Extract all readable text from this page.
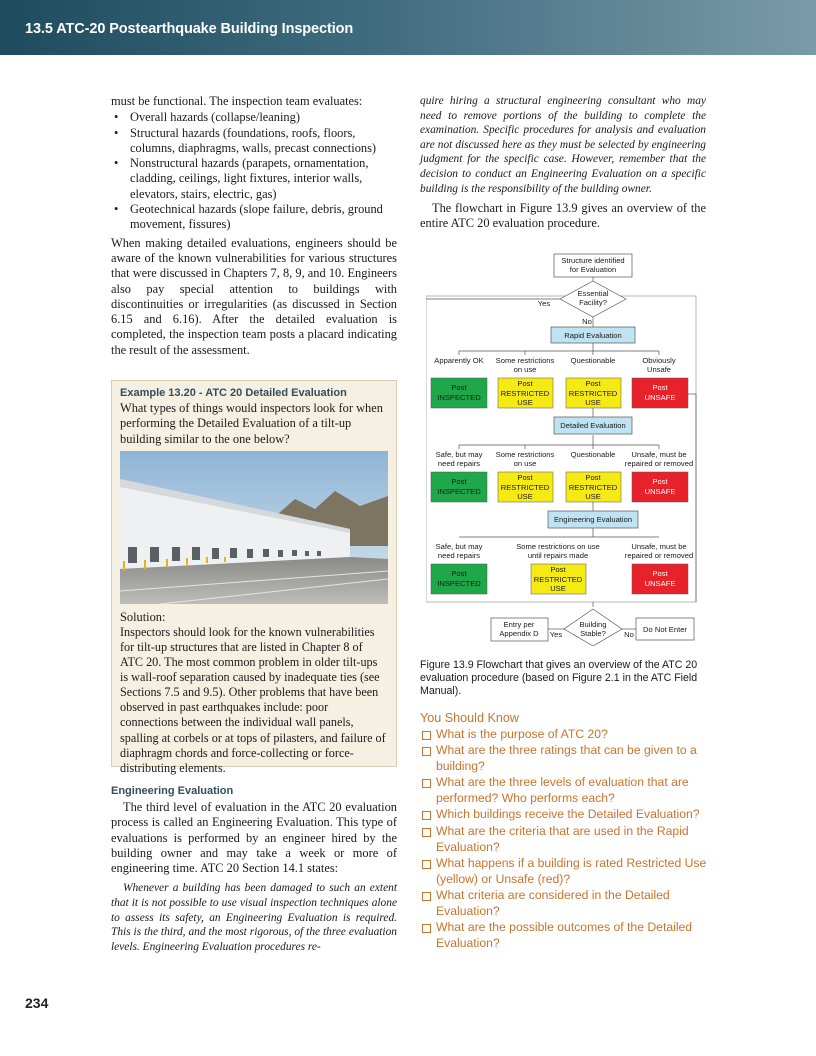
13.5 ATC-20 Postearthquake Building Inspection

must be functional. The inspection team evaluates:

• Overall hazards (collapse/leaning)
• Structural hazards (foundations, roofs, floors, columns, diaphragms, walls, precast connections)
• Nonstructural hazards (parapets, ornamentation, cladding, ceilings, light fixtures, interior walls, elevators, stairs, electric, gas)
• Geotechnical hazards (slope failure, debris, ground movement, fissures)

When making detailed evaluations, engineers should be aware of the known vulnerabilities for various structures that were discussed in Chapters 7, 8, 9, and 10. Engineers also pay special attention to buildings with discontinuities or irregularities (as discussed in Section 6.15 and 6.16). After the detailed evaluation is completed, the inspection team posts a placard indicating the result of the assessment.

Example 13.20 - ATC 20 Detailed Evaluation

What types of things would inspectors look for when performing the Detailed Evaluation of a tilt-up building similar to the one below?

Solution:

Inspectors should look for the known vulnerabilities for tilt-up structures that are listed in Chapter 8 of ATC 20. The most common problem in older tilt-ups is wall-roof separation caused by inadequate ties (see Sections 7.5 and 9.5). Other problems that have been observed in past earthquakes include: poor connections between the individual wall panels, spalling at corbels or at tops of pilasters, and failure of diaphragm chords and force-collecting or force-distributing elements.

Engineering Evaluation

The third level of evaluation in the ATC 20 evaluation process is called an Engineering Evaluation. This type of evaluations is performed by an engineer hired by the building owner and may take a week or more of engineering time. ATC 20 Section 14.1 states:

Whenever a building has been damaged to such an extent that it is not possible to use visual inspection techniques alone to assess its safety, an Engineering Evaluation is required. This is the third, and the most rigorous, of the three evaluation levels. Engineering Evaluation procedures re-

quire hiring a structural engineering consultant who may need to remove portions of the building to complete the examination. Specific procedures for analysis and evaluation are not discussed here as they must be selected by engineering judgment for the specific case. However, remember that the decision to conduct an Engineering Evaluation on a specific building is the responsibility of the building owner.

The flowchart in Figure 13.9 gives an overview of the entire ATC 20 evaluation procedure.

Structure identified
for Evaluation
Essential
Facility?
Yes
No
Rapid Evaluation
Apparently OK Some restrictions
on use
Questionable	Obviously
Unsafe
Post
INSPECTED
Post
RESTRICTED
USE
Post
RESTRICTED
USE
Post
UNSAFE
Detailed Evaluation
Safe, but may
need repairs
Some restrictions
on use
Questionable Unsafe, must be
repaired or removed
Post
INSPECTED
Post
RESTRICTED
USE
Post
RESTRICTED
USE
Post
UNSAFE
Engineering Evaluation
Safe, but may
need repairs
Some restrictions on use
until repairs made
Unsafe, must be
repaired or removed
Post
INSPECTED
Post
RESTRICTED
USE
Post
UNSAFE
Building
Stable?
Yes	No
Entry per
Appendix D	Do Not Enter
Figure 13.9 Flowchart that gives an overview of the ATC 20 evaluation procedure (based on Figure 2.1 in the ATC Field Manual).
You Should Know
What is the purpose of ATC 20?
What are the three ratings that can be given to a building?
What are the three levels of evaluation that are performed? Who performs each?
Which buildings receive the Detailed Evaluation?
What are the criteria that are used in the Rapid Evaluation?
What happens if a building is rated Restricted Use (yellow) or Unsafe (red)?
What criteria are considered in the Detailed Evaluation?
What are the possible outcomes of the Detailed Evaluation?
234
